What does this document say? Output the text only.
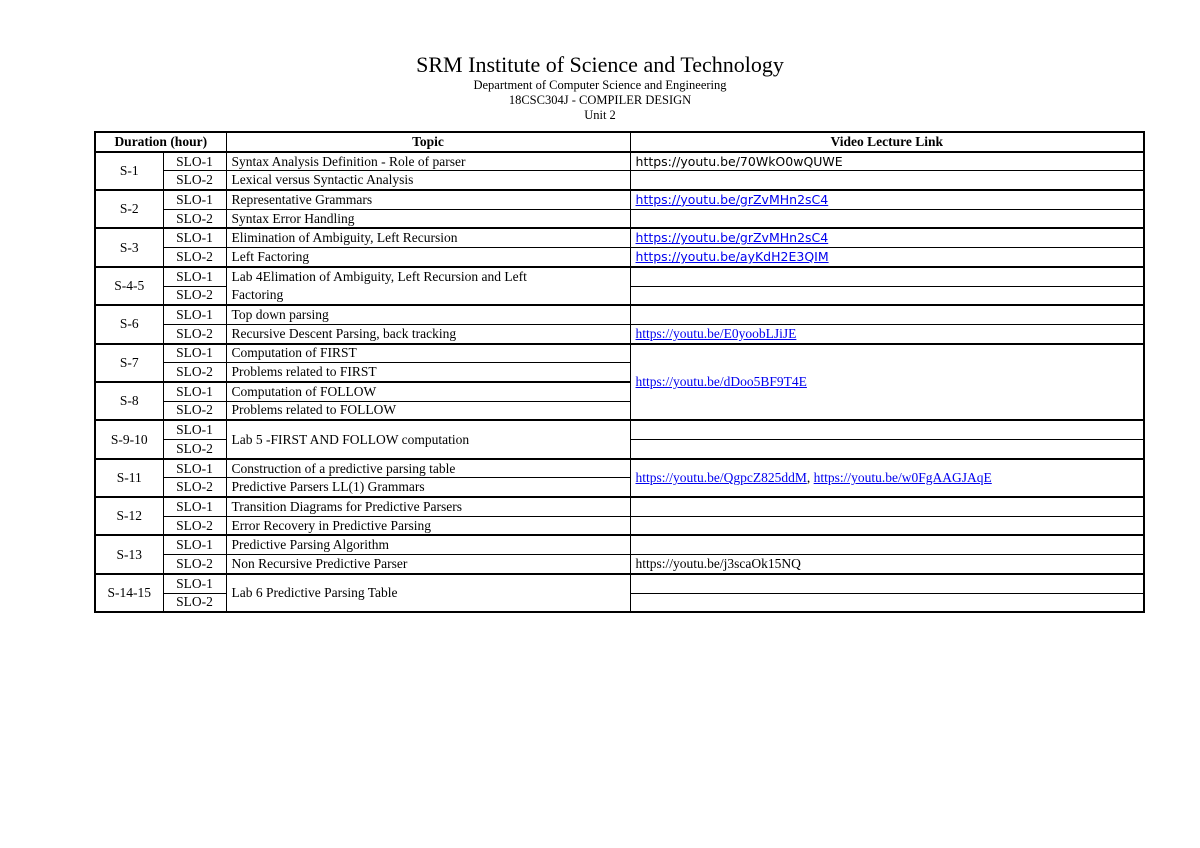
SRM Institute of Science and Technology
Department of Computer Science and Engineering
18CSC304J - COMPILER DESIGN
Unit 2
Duration (hour)		Topic	Video Lecture Link
S-1	SLO-1	Syntax Analysis Definition - Role of parser	https://youtu.be/70WkO0wQUWE
	SLO-2	Lexical versus Syntactic Analysis	
S-2	SLO-1	Representative Grammars	https://youtu.be/grZvMHn2sC4
	SLO-2	Syntax Error Handling	
S-3	SLO-1	Elimination of Ambiguity, Left Recursion	https://youtu.be/grZvMHn2sC4
	SLO-2	Left Factoring	https://youtu.be/ayKdH2E3QIM
S-4-5	SLO-1	Lab 4Elimation of Ambiguity, Left Recursion and Left	
	SLO-2	Factoring	
S-6	SLO-1	Top down parsing	
	SLO-2	Recursive Descent Parsing, back tracking	https://youtu.be/E0yoobLJiJE
S-7	SLO-1	Computation of FIRST	https://youtu.be/dDoo5BF9T4E
	SLO-2	Problems related to FIRST	
S-8	SLO-1	Computation of FOLLOW	
	SLO-2	Problems related to FOLLOW	
S-9-10	SLO-1	Lab 5 -FIRST AND FOLLOW computation	
	SLO-2		
S-11	SLO-1	Construction of a predictive parsing table	https://youtu.be/QgpcZ825ddM, https://youtu.be/w0FgAAGJAqE
	SLO-2	Predictive Parsers LL(1) Grammars	
S-12	SLO-1	Transition Diagrams for Predictive Parsers	
	SLO-2	Error Recovery in Predictive Parsing	
S-13	SLO-1	Predictive Parsing Algorithm	
	SLO-2	Non Recursive Predictive Parser	https://youtu.be/j3scaOk15NQ
S-14-15	SLO-1	Lab 6 Predictive Parsing Table	
	SLO-2		
